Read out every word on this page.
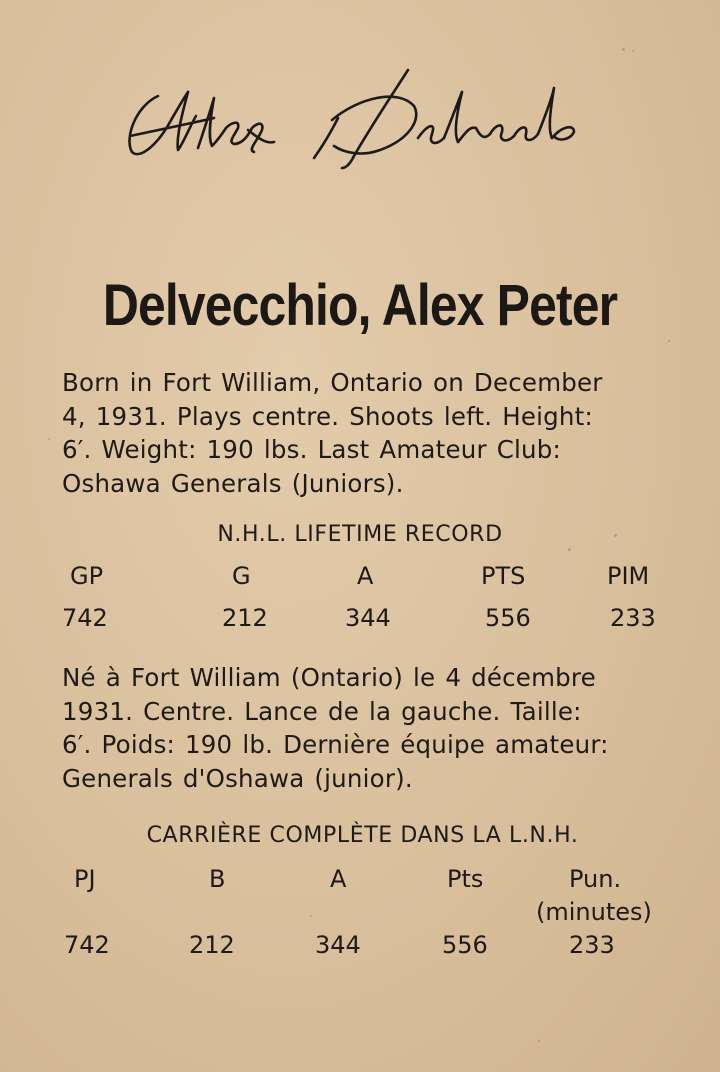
Delvecchio, Alex Peter
Born in Fort William, Ontario on December
4, 1931. Plays centre. Shoots left. Height:
6′. Weight: 190 lbs. Last Amateur Club:
Oshawa Generals (Juniors).
N.H.L. LIFETIME RECORD
GP	G	A	PTS	PIM
742	212	344	556	233
Né à Fort William (Ontario) le 4 décembre
1931. Centre. Lance de la gauche. Taille:
6′. Poids: 190 lb. Dernière équipe amateur:
Generals d'Oshawa (junior).
CARRIÈRE COMPLÈTE DANS LA L.N.H.
PJ	B	A	Pts	Pun.
(minutes)
742	212	344	556	233
